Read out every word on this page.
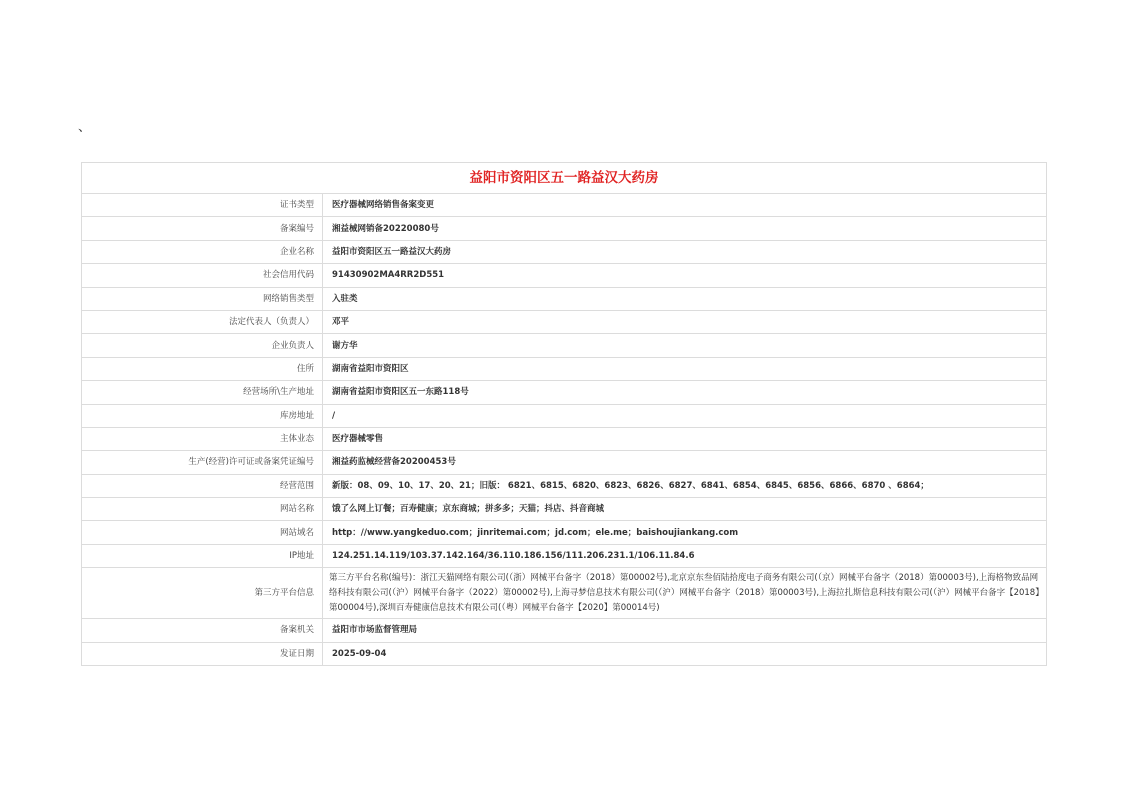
、
益阳市资阳区五一路益汉大药房	
证书类型	医疗器械网络销售备案变更
备案编号	湘益械网销备20220080号
企业名称	益阳市资阳区五一路益汉大药房
社会信用代码	91430902MA4RR2D551
网络销售类型	入驻类
法定代表人（负责人）	邓平
企业负责人	谢方华
住所	湖南省益阳市资阳区
经营场所\生产地址	湖南省益阳市资阳区五一东路118号
库房地址	/
主体业态	医疗器械零售
生产(经营)许可证或备案凭证编号	湘益药监械经营备20200453号
经营范围	新版：08、09、10、17、20、21；旧版： 6821、6815、6820、6823、6826、6827、6841、6854、6845、6856、6866、6870 、6864；
网站名称	饿了么网上订餐；百寿健康；京东商城；拼多多；天猫；抖店、抖音商城
网站域名	http：//www.yangkeduo.com；jinritemai.com；jd.com；ele.me；baishoujiankang.com
IP地址	124.251.14.119/103.37.142.164/36.110.186.156/111.206.231.1/106.11.84.6
第三方平台信息	第三方平台名称(编号)：浙江天猫网络有限公司(（浙）网械平台备字（2018）第00002号),北京京东叁佰陆拾度电子商务有限公司(（京）网械平台备字（2018）第00003号),上海格物致品网络科技有限公司(（沪）网械平台备字（2022）第00002号),上海寻梦信息技术有限公司(（沪）网械平台备字（2018）第00003号),上海拉扎斯信息科技有限公司(（沪）网械平台备字【2018】第00004号),深圳百寿健康信息技术有限公司(（粤）网械平台备字【2020】第00014号)
备案机关	益阳市市场监督管理局
发证日期	2025-09-04
